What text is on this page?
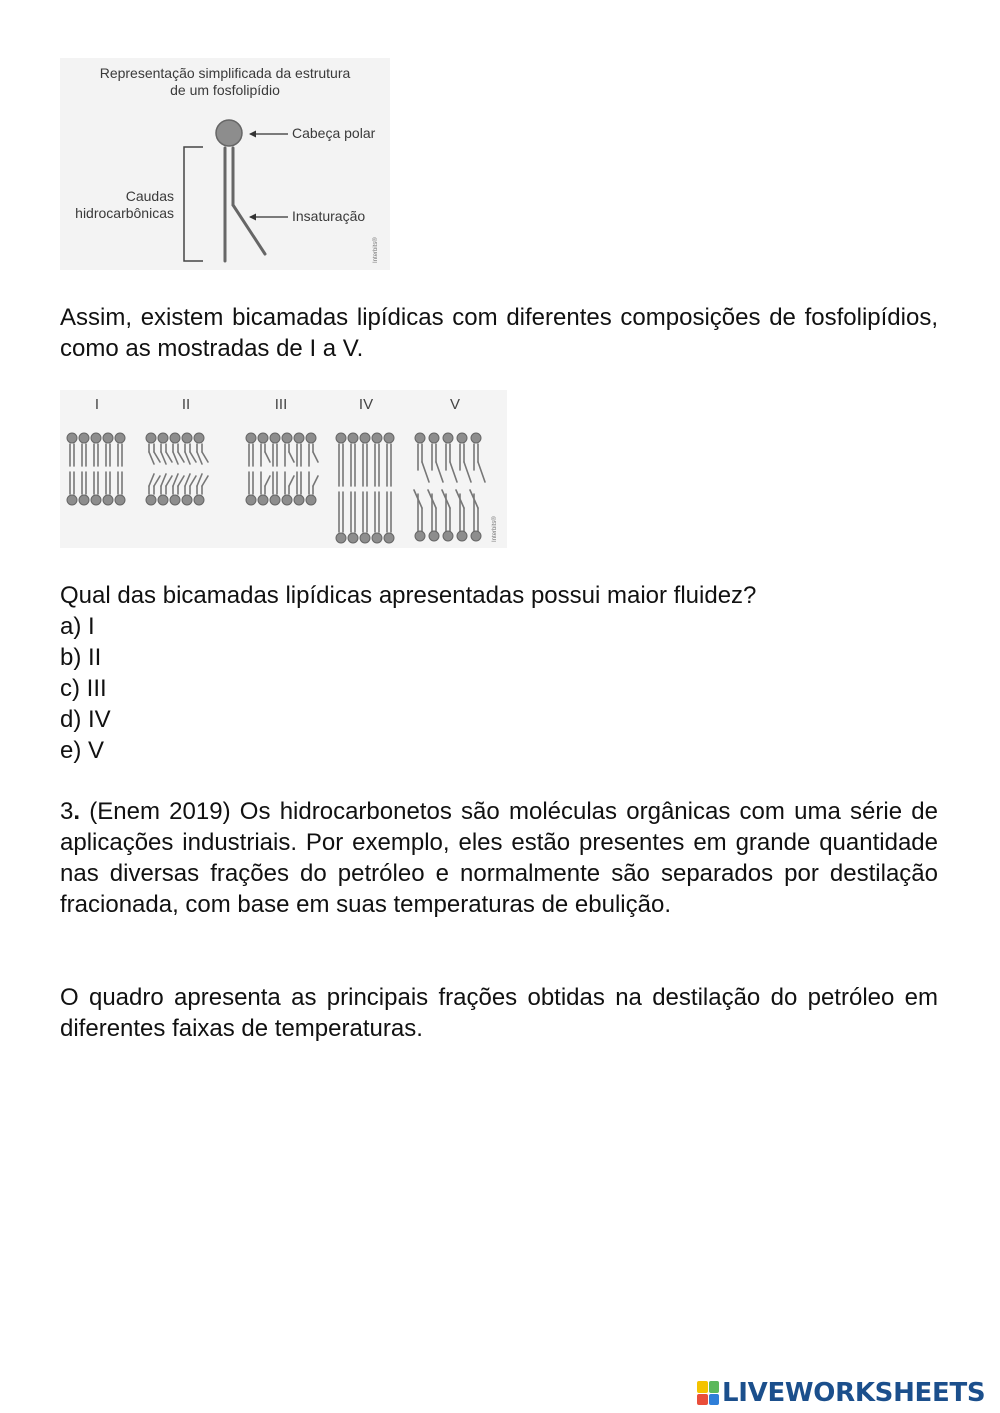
Representação simplificada da estrutura
de um fosfolipídio
Cabeça polar
Insaturação
Caudas
hidrocarbônicas
Interbits®

Assim, existem bicamadas lipídicas com diferentes composições de fosfolipídios, como as mostradas de I a V.

I	II	III	IV	V
Interbits®
Qual das bicamadas lipídicas apresentadas possui maior fluidez?
a) I
b) II
c) III
d) IV
e) V

3. (Enem 2019) Os hidrocarbonetos são moléculas orgânicas com uma série de aplicações industriais. Por exemplo, eles estão presentes em grande quantidade nas diversas frações do petróleo e normalmente são separados por destilação fracionada, com base em suas temperaturas de ebulição.

O quadro apresenta as principais frações obtidas na destilação do petróleo em diferentes faixas de temperaturas.

LIVEWORKSHEETS
